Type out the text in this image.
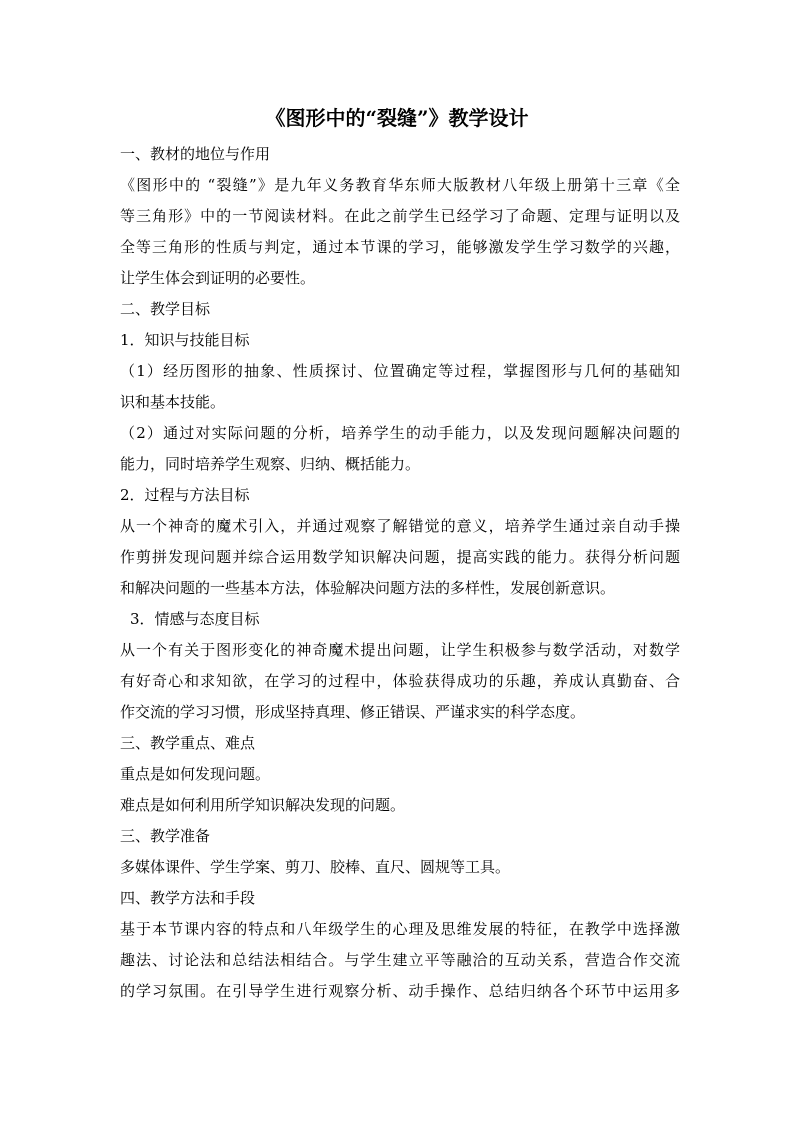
《图形中的“裂缝”》教学设计
一、教材的地位与作用
《图形中的 “裂缝”》是九年义务教育华东师大版教材八年级上册第十三章《全
等三角形》中的一节阅读材料。在此之前学生已经学习了命题、定理与证明以及
全等三角形的性质与判定，通过本节课的学习，能够激发学生学习数学的兴趣，
让学生体会到证明的必要性。
二、教学目标
1．知识与技能目标
（1）经历图形的抽象、性质探讨、位置确定等过程，掌握图形与几何的基础知
识和基本技能。
（2）通过对实际问题的分析，培养学生的动手能力，以及发现问题解决问题的
能力，同时培养学生观察、归纳、概括能力。
2．过程与方法目标
从一个神奇的魔术引入，并通过观察了解错觉的意义，培养学生通过亲自动手操
作剪拼发现问题并综合运用数学知识解决问题，提高实践的能力。获得分析问题
和解决问题的一些基本方法，体验解决问题方法的多样性，发展创新意识。
3．情感与态度目标
从一个有关于图形变化的神奇魔术提出问题，让学生积极参与数学活动，对数学
有好奇心和求知欲，在学习的过程中，体验获得成功的乐趣，养成认真勤奋、合
作交流的学习习惯，形成坚持真理、修正错误、严谨求实的科学态度。
三、教学重点、难点
重点是如何发现问题。
难点是如何利用所学知识解决发现的问题。
三、教学准备
多媒体课件、学生学案、剪刀、胶棒、直尺、圆规等工具。
四、教学方法和手段
基于本节课内容的特点和八年级学生的心理及思维发展的特征，在教学中选择激
趣法、讨论法和总结法相结合。与学生建立平等融洽的互动关系，营造合作交流
的学习氛围。在引导学生进行观察分析、动手操作、总结归纳各个环节中运用多
